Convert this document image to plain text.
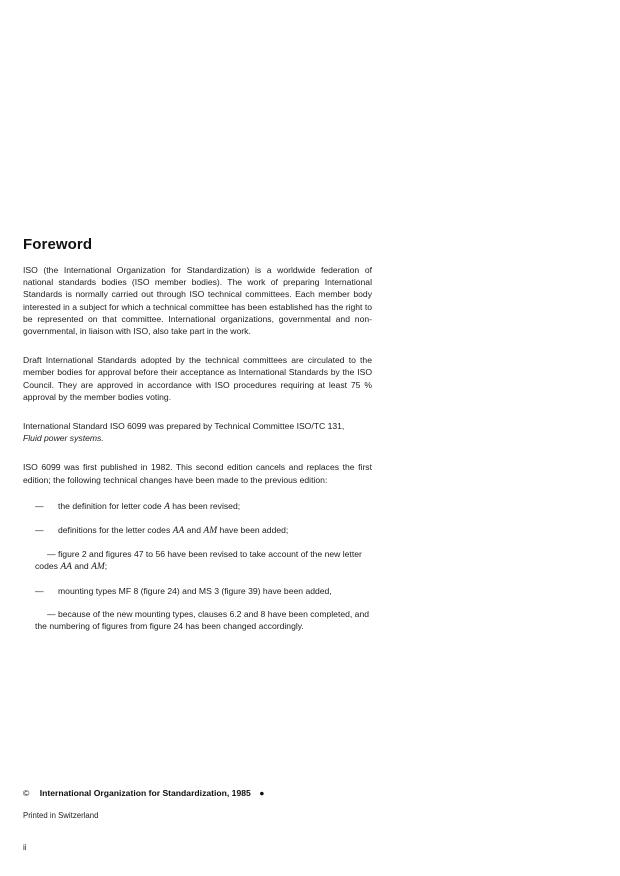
Foreword

ISO (the International Organization for Standardization) is a worldwide federation of national standards bodies (ISO member bodies). The work of preparing International Standards is normally carried out through ISO technical committees. Each member body interested in a subject for which a technical committee has been established has the right to be represented on that committee. International organizations, governmental and non-governmental, in liaison with ISO, also take part in the work.

Draft International Standards adopted by the technical committees are circulated to the member bodies for approval before their acceptance as International Standards by the ISO Council. They are approved in accordance with ISO procedures requiring at least 75 % approval by the member bodies voting.

International Standard ISO 6099 was prepared by Technical Committee ISO/TC 131,
Fluid power systems.

ISO 6099 was first published in 1982. This second edition cancels and replaces the first edition; the following technical changes have been made to the previous edition:

— the definition for letter code A has been revised;
— definitions for the letter codes AA and AM have been added;
— figure 2 and figures 47 to 56 have been revised to take account of the new letter codes AA and AM;
— mounting types MF 8 (figure 24) and MS 3 (figure 39) have been added,
— because of the new mounting types, clauses 6.2 and 8 have been completed, and the numbering of figures from figure 24 has been changed accordingly.
© International Organization for Standardization, 1985 ●
Printed in Switzerland
ii
